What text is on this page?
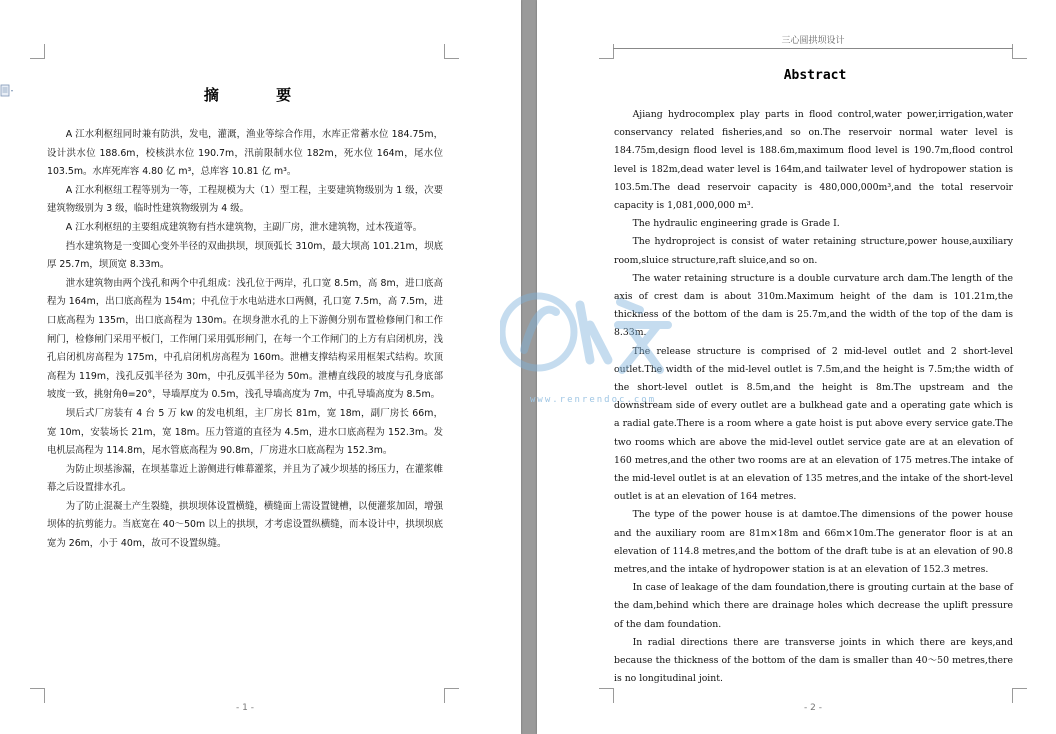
摘 要

A 江水利枢纽同时兼有防洪，发电，灌溉，渔业等综合作用，水库正常蓄水位 184.75m，设计洪水位 188.6m，校核洪水位 190.7m，汛前限制水位 182m，死水位 164m，尾水位 103.5m。水库死库容 4.80 亿 m³，总库容 10.81 亿 m³。

A 江水利枢纽工程等别为一等，工程规模为大（1）型工程，主要建筑物级别为 1 级，次要建筑物级别为 3 级，临时性建筑物级别为 4 级。

A 江水利枢纽的主要组成建筑物有挡水建筑物，主副厂房，泄水建筑物，过木筏道等。

挡水建筑物是一变圆心变外半径的双曲拱坝，坝顶弧长 310m，最大坝高 101.21m，坝底厚 25.7m，坝顶宽 8.33m。

泄水建筑物由两个浅孔和两个中孔组成：浅孔位于两岸，孔口宽 8.5m，高 8m，进口底高程为 164m，出口底高程为 154m；中孔位于水电站进水口两侧，孔口宽 7.5m，高 7.5m，进口底高程为 135m，出口底高程为 130m。在坝身泄水孔的上下游侧分别布置检修闸门和工作闸门，检修闸门采用平板门，工作闸门采用弧形闸门，在每一个工作闸门的上方有启闭机房，浅孔启闭机房高程为 175m，中孔启闭机房高程为 160m。泄槽支撑结构采用框架式结构。坎顶高程为 119m，浅孔反弧半径为 30m，中孔反弧半径为 50m。泄槽直线段的坡度与孔身底部坡度一致，挑射角θ=20°，导墙厚度为 0.5m，浅孔导墙高度为 7m，中孔导墙高度为 8.5m。

坝后式厂房装有 4 台 5 万 kw 的发电机组，主厂房长 81m，宽 18m，副厂房长 66m，宽 10m，安装场长 21m，宽 18m。压力管道的直径为 4.5m，进水口底高程为 152.3m。发电机层高程为 114.8m，尾水管底高程为 90.8m，厂房进水口底高程为 152.3m。

为防止坝基渗漏，在坝基靠近上游侧进行帷幕灌浆，并且为了减少坝基的扬压力，在灌浆帷幕之后设置排水孔。

为了防止混凝土产生裂缝，拱坝坝体设置横缝，横缝面上需设置键槽，以便灌浆加固，增强坝体的抗剪能力。当底宽在 40～50m 以上的拱坝，才考虑设置纵横缝，而本设计中，拱坝坝底宽为 26m，小于 40m，故可不设置纵缝。

- 1 -
三心圆拱坝设计
Abstract

Ajiang hydrocomplex play parts in flood control,water power,irrigation,water conservancy related fisheries,and so on.The reservoir normal water level is 184.75m,design flood level is 188.6m,maximum flood level is 190.7m,flood control level is 182m,dead water level is 164m,and tailwater level of hydropower station is 103.5m.The dead reservoir capacity is 480,000,000m³,and the total reservoir capacity is 1,081,000,000 m³.

The hydraulic engineering grade is Grade I.

The hydroproject is consist of water retaining structure,power house,auxiliary room,sluice structure,raft sluice,and so on.

The water retaining structure is a double curvature arch dam.The length of the axis of crest dam is about 310m.Maximum height of the dam is 101.21m,the thickness of the bottom of the dam is 25.7m,and the width of the top of the dam is 8.33m.

The release structure is comprised of 2 mid-level outlet and 2 short-level outlet.The width of the mid-level outlet is 7.5m,and the height is 7.5m;the width of the short-level outlet is 8.5m,and the height is 8m.The upstream and the downstream side of every outlet are a bulkhead gate and a operating gate which is a radial gate.There is a room where a gate hoist is put above every service gate.The two rooms which are above the mid-level outlet service gate are at an elevation of 160 metres,and the other two rooms are at an elevation of 175 metres.The intake of the mid-level outlet is at an elevation of 135 metres,and the intake of the short-level outlet is at an elevation of 164 metres.

The type of the power house is at damtoe.The dimensions of the power house and the auxiliary room are 81m×18m and 66m×10m.The generator floor is at an elevation of 114.8 metres,and the bottom of the draft tube is at an elevation of 90.8 metres,and the intake of hydropower station is at an elevation of 152.3 metres.

In case of leakage of the dam foundation,there is grouting curtain at the base of the dam,behind which there are drainage holes which decrease the uplift pressure of the dam foundation.

In radial directions there are transverse joints in which there are keys,and because the thickness of the bottom of the dam is smaller than 40～50 metres,there is no longitudinal joint.

- 2 -
www.renrendoc.com
